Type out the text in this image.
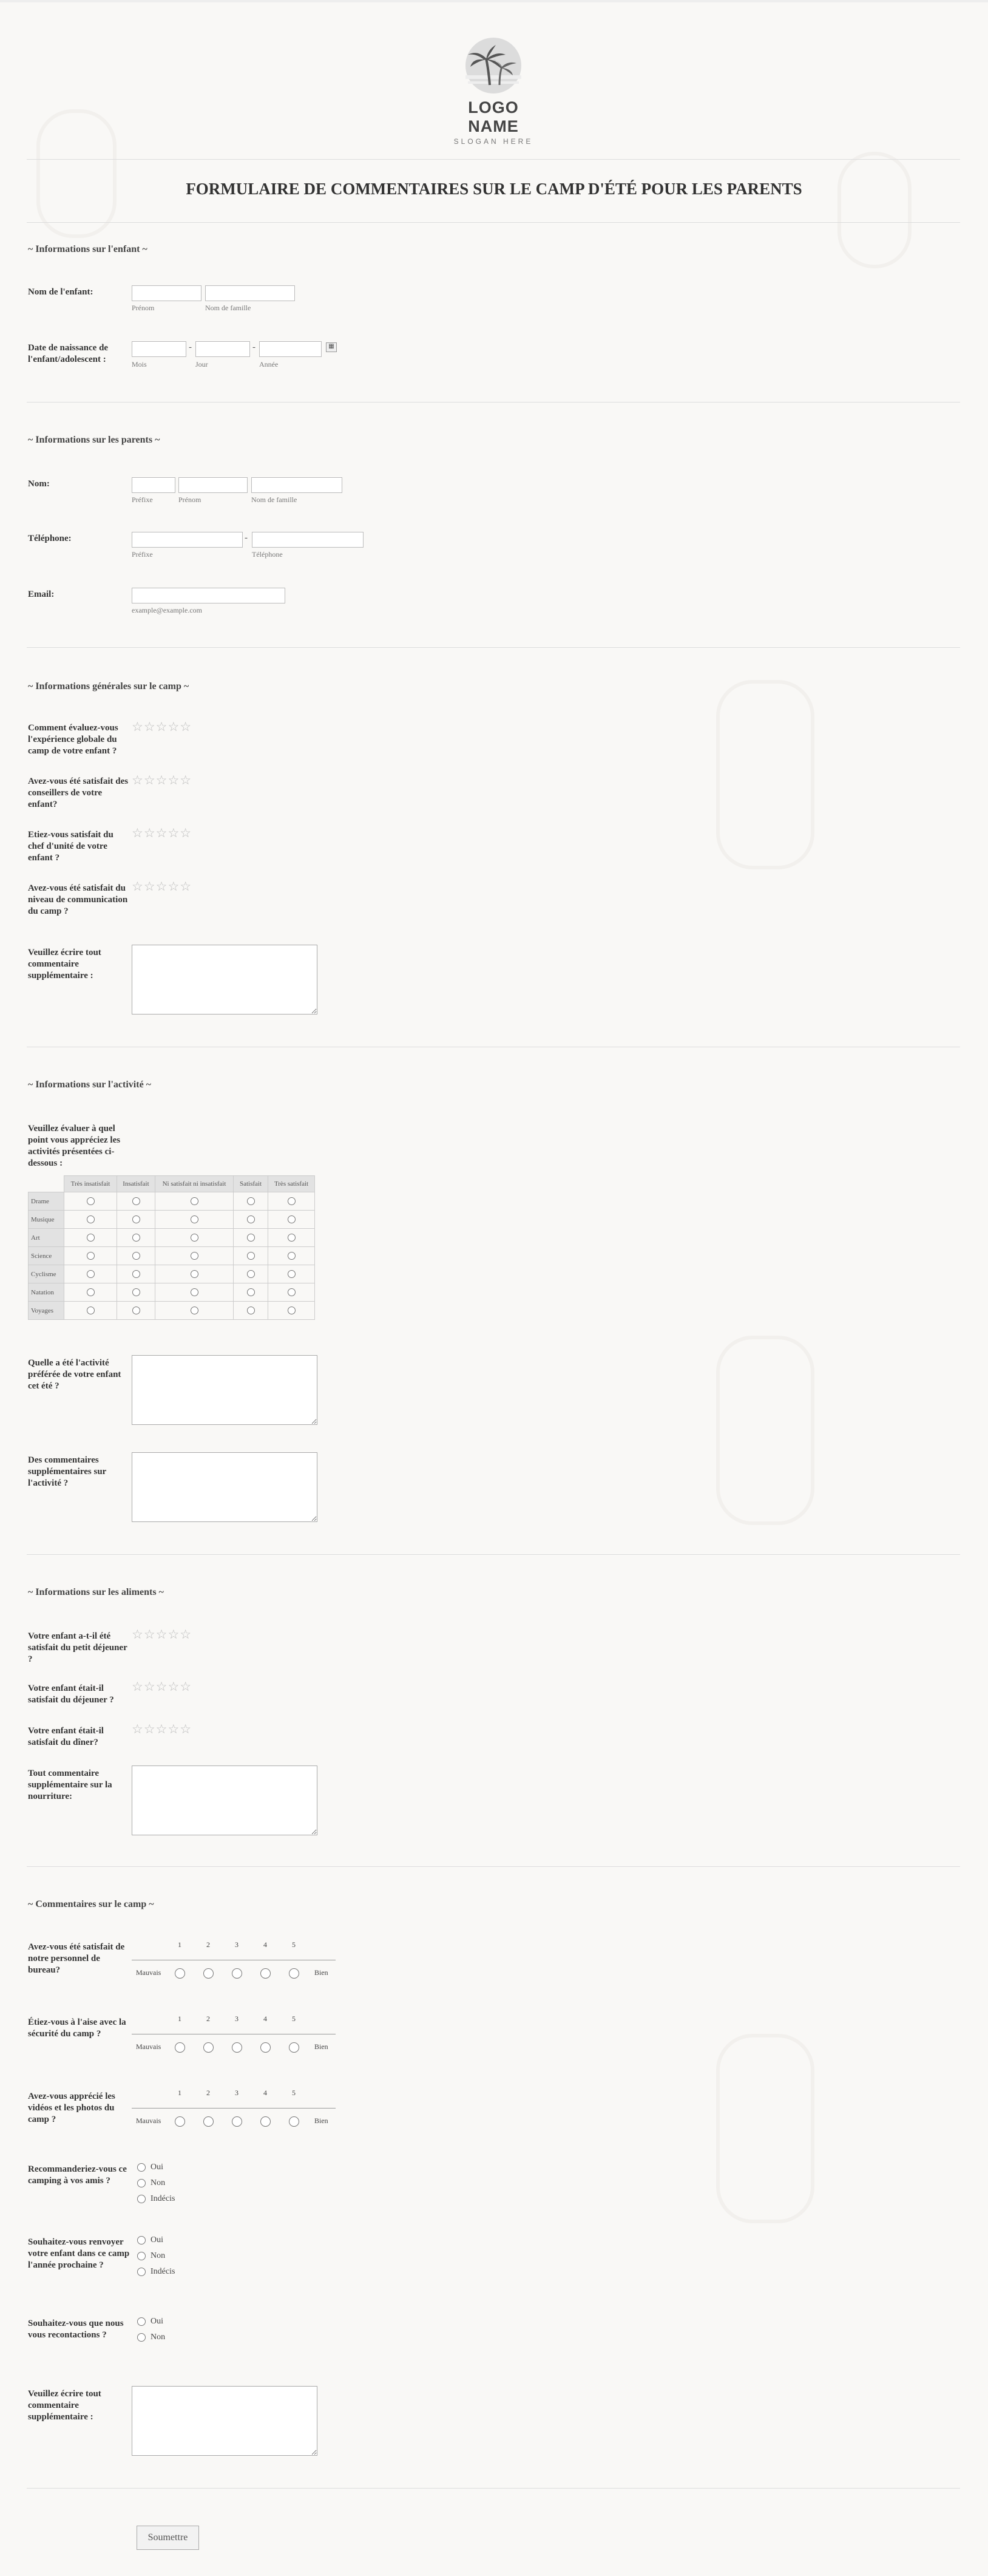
LOGO NAME
SLOGAN HERE
FORMULAIRE DE COMMENTAIRES SUR LE CAMP D'ÉTÉ POUR LES PARENTS
~ Informations sur l'enfant ~
Nom de l'enfant:
Prénom	Nom de famille
Date de naissance de l'enfant/adolescent :
-	-	▦
Mois	Jour	Année
~ Informations sur les parents ~
Nom:
Préfixe	Prénom	Nom de famille
Téléphone:	-
Préfixe	Téléphone
Email:
example@example.com
~ Informations générales sur le camp ~
Comment évaluez-vous l'expérience globale du camp de votre enfant ?
☆☆☆☆☆
Avez-vous été satisfait des conseillers de votre enfant?
☆☆☆☆☆
Etiez-vous satisfait du chef d'unité de votre enfant ?
☆☆☆☆☆
Avez-vous été satisfait du niveau de communication du camp ?
☆☆☆☆☆
Veuillez écrire tout commentaire supplémentaire :
~ Informations sur l'activité ~
Veuillez évaluer à quel point vous appréciez les activités présentées ci-dessous :
	Très insatisfait	Insatisfait	Ni satisfait ni insatisfait	Satisfait	Très satisfait
Drame					
Musique					
Art					
Science					
Cyclisme					
Natation					
Voyages					
Quelle a été l'activité préférée de votre enfant cet été ?
Des commentaires supplémentaires sur l'activité ?
~ Informations sur les aliments ~
Votre enfant a-t-il été satisfait du petit déjeuner ?
☆☆☆☆☆
Votre enfant était-il satisfait du déjeuner ?
☆☆☆☆☆
Votre enfant était-il satisfait du dîner?
☆☆☆☆☆
Tout commentaire supplémentaire sur la nourriture:
~ Commentaires sur le camp ~
Avez-vous été satisfait de notre personnel de bureau?
1	2	3	4	5
Mauvais	Bien
Étiez-vous à l'aise avec la sécurité du camp ?
1	2	3	4	5
Mauvais	Bien
Avez-vous apprécié les vidéos et les photos du camp ?
1	2	3	4	5
Mauvais	Bien
Recommanderiez-vous ce camping à vos amis ?
Oui
Non
Indécis
Souhaitez-vous renvoyer votre enfant dans ce camp l'année prochaine ?
Oui
Non
Indécis
Souhaitez-vous que nous vous recontactions ?
Oui
Non
Veuillez écrire tout commentaire supplémentaire :
Soumettre
